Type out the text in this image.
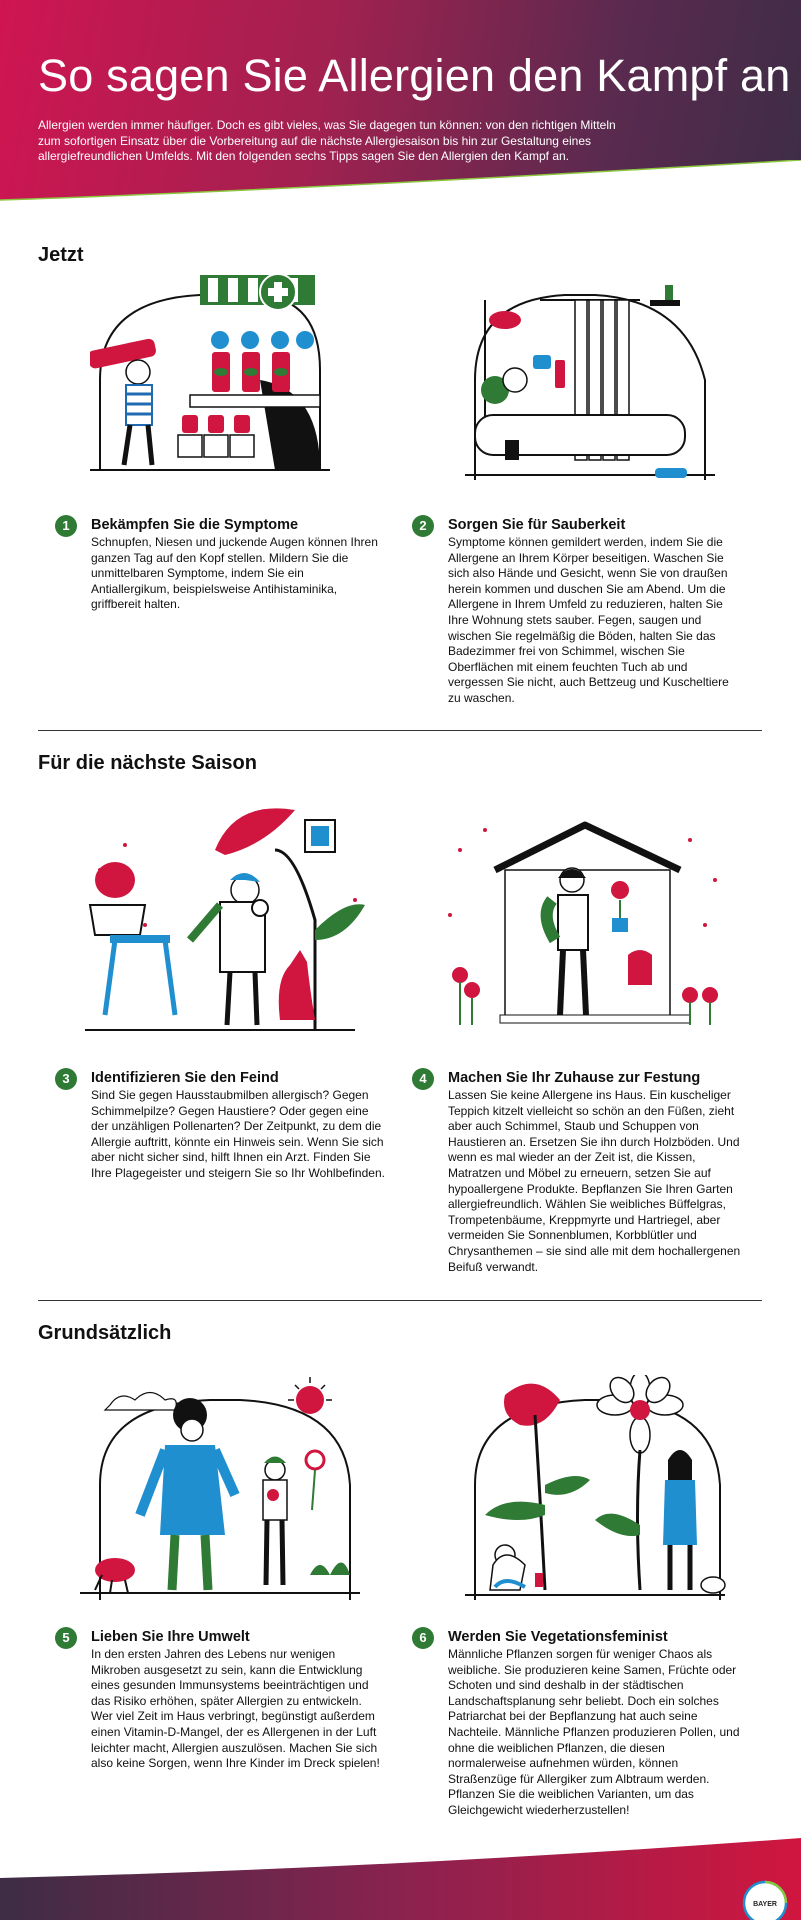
So sagen Sie Allergien den Kampf an

Allergien werden immer häufiger. Doch es gibt vieles, was Sie dagegen tun können: von den richtigen Mitteln zum sofortigen Einsatz über die Vorbereitung auf die nächste Allergiesaison bis hin zur Gestaltung eines allergiefreundlichen Umfelds. Mit den folgenden sechs Tipps sagen Sie den Allergien den Kampf an.

Jetzt
1	Bekämpfen Sie die Symptome

Schnupfen, Niesen und juckende Augen können Ihren ganzen Tag auf den Kopf stellen. Mildern Sie die unmittelbaren Symptome, indem Sie ein Antiallergikum, beispielsweise Antihistaminika, griffbereit halten.

2	Sorgen Sie für Sauberkeit

Symptome können gemildert werden, indem Sie die Allergene an Ihrem Körper beseitigen. Waschen Sie sich also Hände und Gesicht, wenn Sie von draußen herein kommen und duschen Sie am Abend. Um die Allergene in Ihrem Umfeld zu reduzieren, halten Sie Ihre Wohnung stets sauber. Fegen, saugen und wischen Sie regelmäßig die Böden, halten Sie das Badezimmer frei von Schimmel, wischen Sie Oberflächen mit einem feuchten Tuch ab und vergessen Sie nicht, auch Bettzeug und Kuscheltiere zu waschen.

Für die nächste Saison
3	Identifizieren Sie den Feind

Sind Sie gegen Hausstaubmilben allergisch? Gegen Schimmelpilze? Gegen Haustiere? Oder gegen eine der unzähligen Pollenarten? Der Zeitpunkt, zu dem die Allergie auftritt, könnte ein Hinweis sein. Wenn Sie sich aber nicht sicher sind, hilft Ihnen ein Arzt. Finden Sie Ihre Plagegeister und steigern Sie so Ihr Wohlbefinden.

4	Machen Sie Ihr Zuhause zur Festung

Lassen Sie keine Allergene ins Haus. Ein kuscheliger Teppich kitzelt vielleicht so schön an den Füßen, zieht aber auch Schimmel, Staub und Schuppen von Haustieren an. Ersetzen Sie ihn durch Holzböden. Und wenn es mal wieder an der Zeit ist, die Kissen, Matratzen und Möbel zu erneuern, setzen Sie auf hypoallergene Produkte. Bepflanzen Sie Ihren Garten allergiefreundlich. Wählen Sie weibliches Büffelgras, Trompetenbäume, Kreppmyrte und Hartriegel, aber vermeiden Sie Sonnenblumen, Korbblütler und Chrysanthemen – sie sind alle mit dem hochallergenen Beifuß verwandt.

Grundsätzlich
5	Lieben Sie Ihre Umwelt

In den ersten Jahren des Lebens nur wenigen Mikroben ausgesetzt zu sein, kann die Entwicklung eines gesunden Immunsystems beeinträchtigen und das Risiko erhöhen, später Allergien zu entwickeln. Wer viel Zeit im Haus verbringt, begünstigt außerdem einen Vitamin-D-Mangel, der es Allergenen in der Luft leichter macht, Allergien auszulösen. Machen Sie sich also keine Sorgen, wenn Ihre Kinder im Dreck spielen!

6	Werden Sie Vegetationsfeminist

Männliche Pflanzen sorgen für weniger Chaos als weibliche. Sie produzieren keine Samen, Früchte oder Schoten und sind deshalb in der städtischen Landschaftsplanung sehr beliebt. Doch ein solches Patriarchat bei der Bepflanzung hat auch seine Nachteile. Männliche Pflanzen produzieren Pollen, und ohne die weiblichen Pflanzen, die diesen normalerweise aufnehmen würden, können Straßenzüge für Allergiker zum Albtraum werden. Pflanzen Sie die weiblichen Varianten, um das Gleichgewicht wiederherzustellen!

BAYER
